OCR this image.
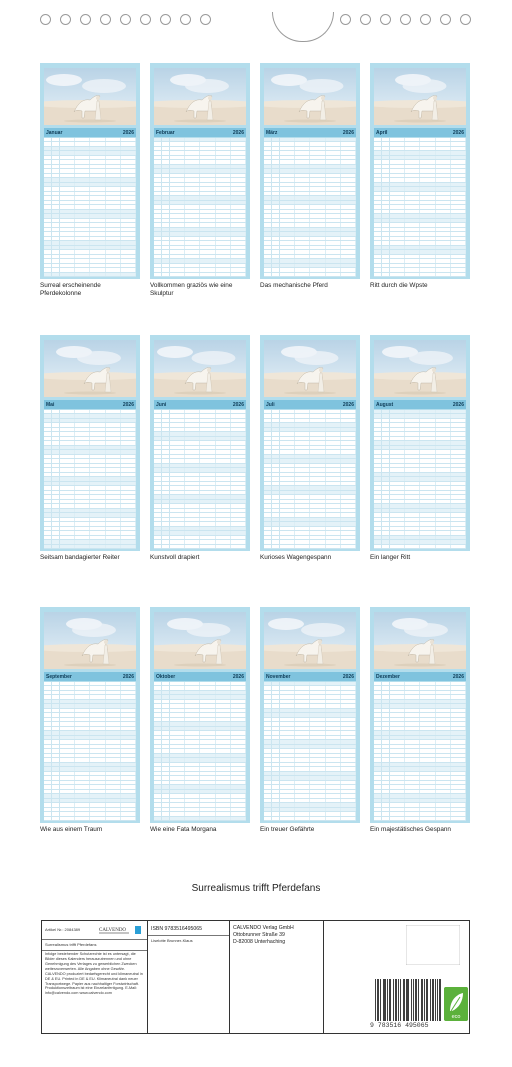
Januar	2026
Surreal erscheinende Pferdekolonne
Februar	2026
Vollkommen graziös wie eine Skulptur
März	2026
Das mechanische Pferd
April	2026
Ritt durch die Wpste
Mai	2026
Seitsam bandagierter Reiter
Juni	2026
Kunstvoll drapiert
Juli	2026
Kurioses Wagengespann
August	2026
Ein langer Ritt
September	2026
Wie aus einem Traum
Oktober	2026
Wie eine Fata Morgana
November	2026
Ein treuer Gefährte
Dezember	2026
Ein majestätisches Gespann
Surrealismus trifft Pferdefans
Artikel Nr.: 2084389	CALVENDO
Surrealismus trifft Pferdefans
Infolge bestehender Schutzrechte ist es untersagt, die Bilder dieses Kalenders herauszutrennen und ohne Genehmigung des Verlages zu gewerblichen Zwecken weiterzuverwerten. Alle Angaben ohne Gewähr. CALVENDO produziert bedarfsgerecht und klimaneutral in DE & EU. Printed in DE & EU. Klimaneutral dank neuer Transportwege. Papier aus nachhaltiger Forstwirtschaft. Produktionszeitraum ist eine Einzelanfertigung. E-Mail: info@calvendo.com www.calvendo.com
ISBN 9783516495065
Liselotte Brunner-Klaus
CALVENDO Verlag GmbH
Ottobrunner Straße 39
D-82008 Unterhaching
9 783516 495065
eco
